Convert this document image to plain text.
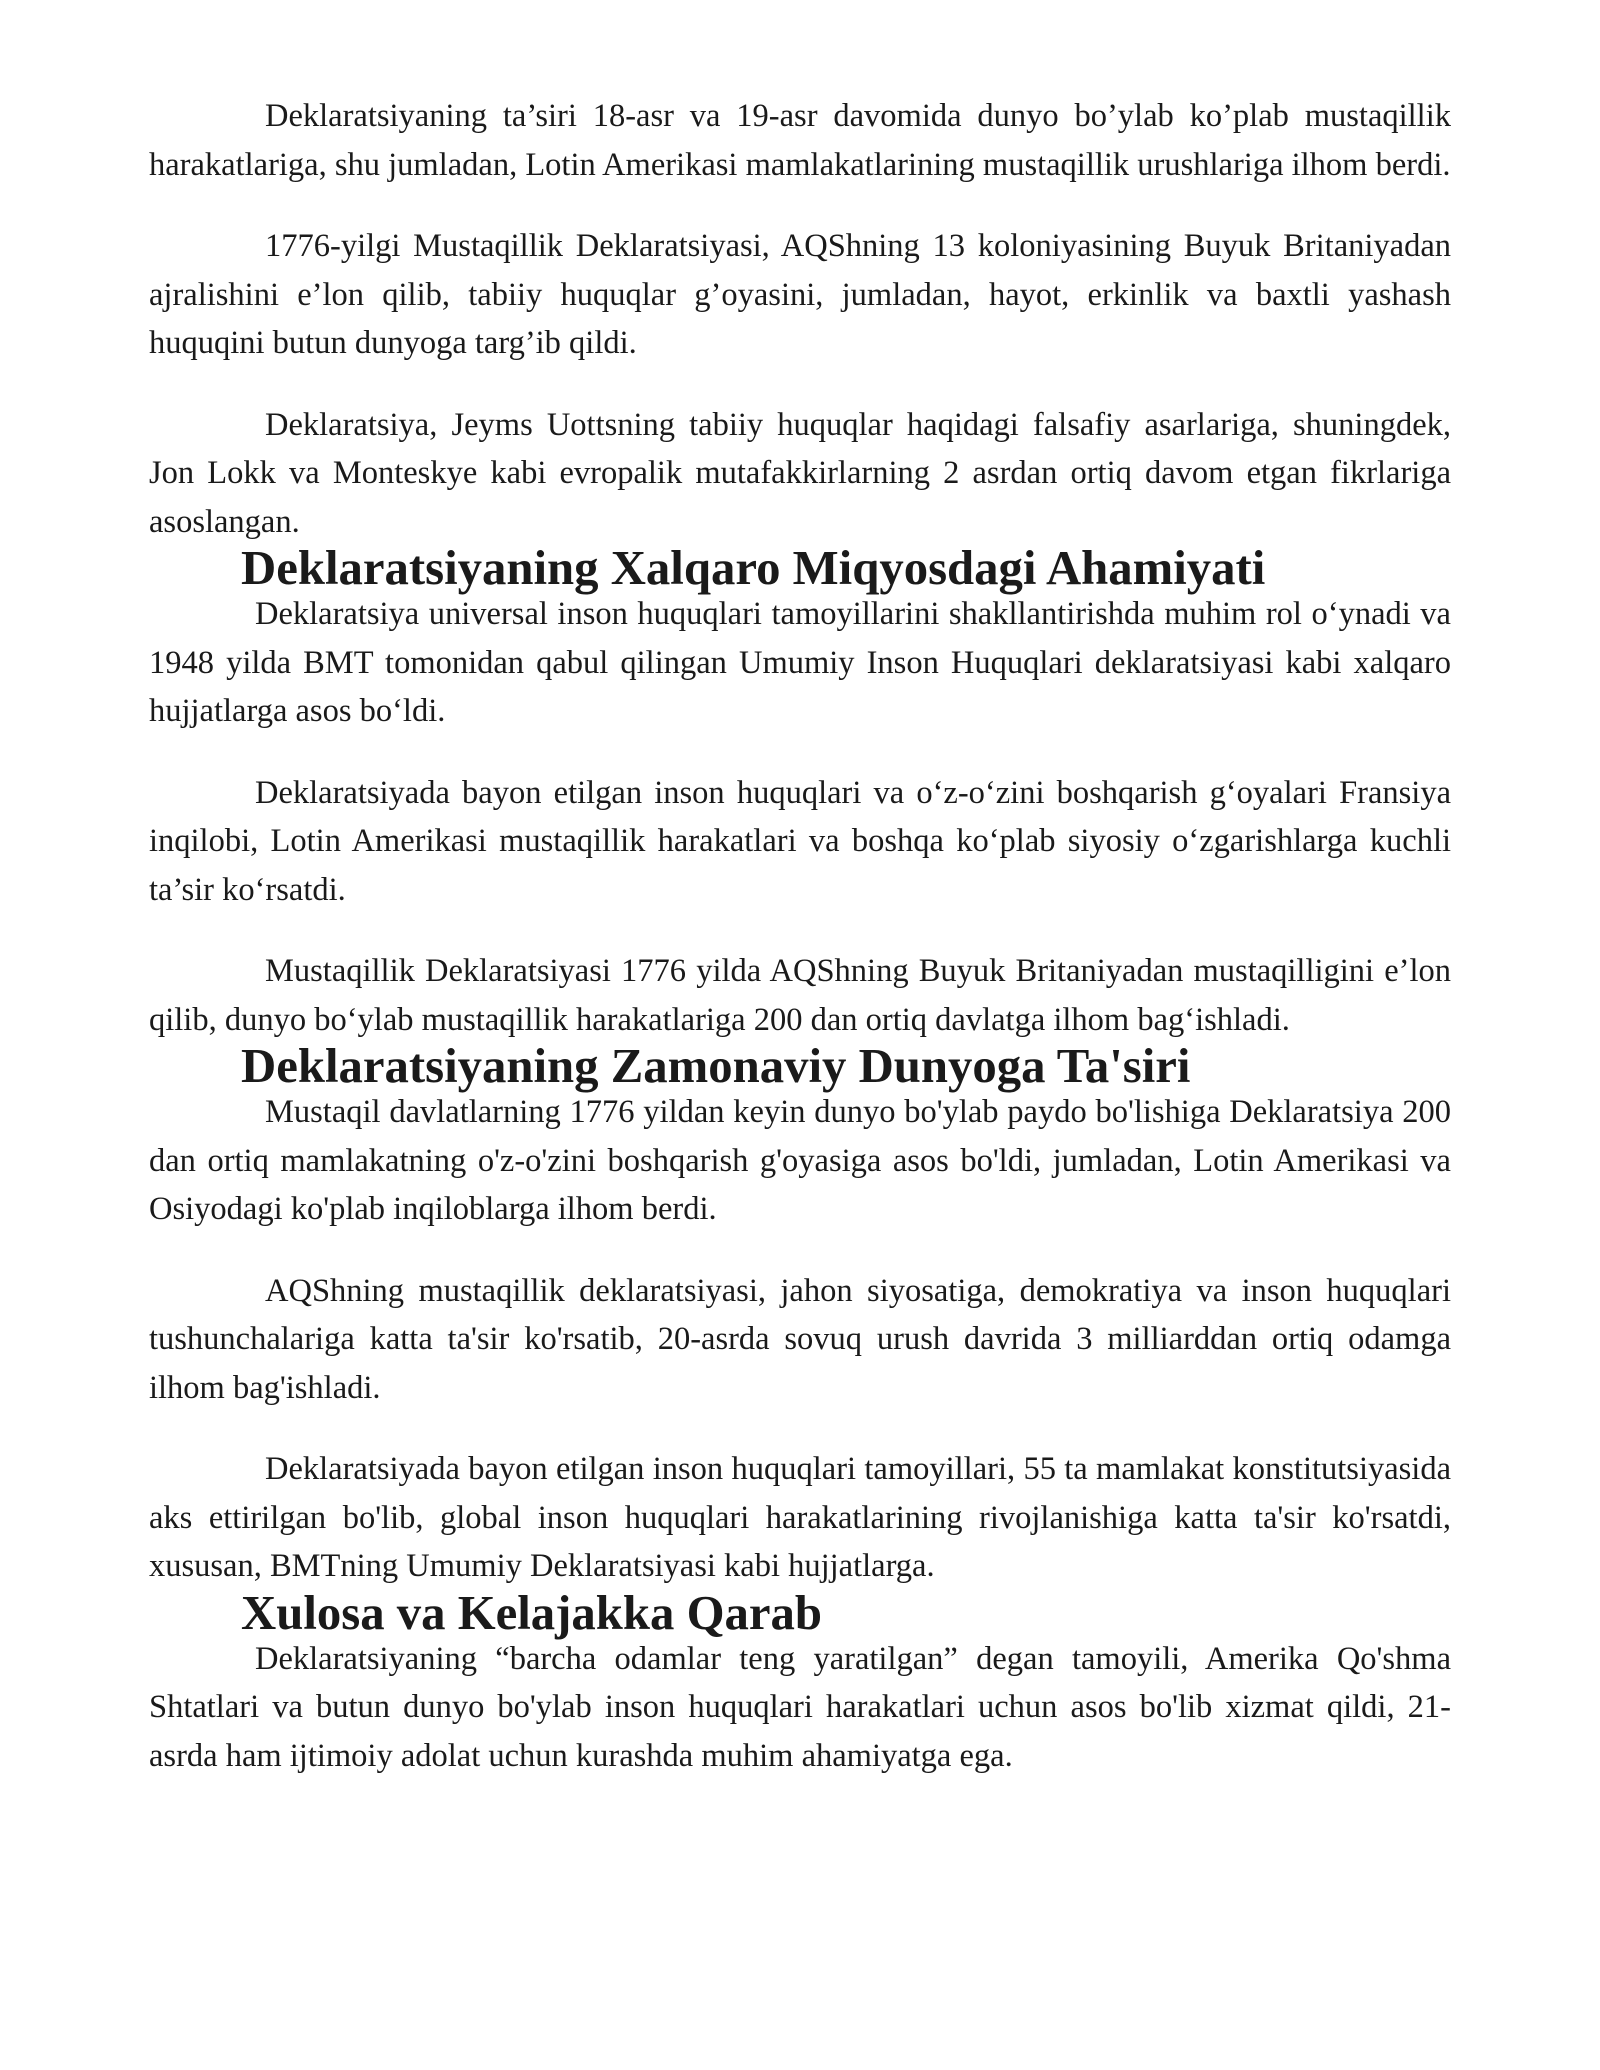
Deklaratsiyaning ta’siri 18-asr va 19-asr davomida dunyo bo’ylab ko’plab mustaqillik harakatlariga, shu jumladan, Lotin Amerikasi mamlakatlarining mustaqillik urushlariga ilhom berdi.

1776-yilgi Mustaqillik Deklaratsiyasi, AQShning 13 koloniyasining Buyuk Britaniyadan ajralishini e’lon qilib, tabiiy huquqlar g’oyasini, jumladan, hayot, erkinlik va baxtli yashash huquqini butun dunyoga targ’ib qildi.

Deklaratsiya, Jeyms Uottsning tabiiy huquqlar haqidagi falsafiy asarlariga, shuningdek, Jon Lokk va Monteskye kabi evropalik mutafakkirlarning 2 asrdan ortiq davom etgan fikrlariga asoslangan.

Deklaratsiyaning Xalqaro Miqyosdagi Ahamiyati

Deklaratsiya universal inson huquqlari tamoyillarini shakllantirishda muhim rol o‘ynadi va 1948 yilda BMT tomonidan qabul qilingan Umumiy Inson Huquqlari deklaratsiyasi kabi xalqaro hujjatlarga asos bo‘ldi.

Deklaratsiyada bayon etilgan inson huquqlari va o‘z-o‘zini boshqarish g‘oyalari Fransiya inqilobi, Lotin Amerikasi mustaqillik harakatlari va boshqa ko‘plab siyosiy o‘zgarishlarga kuchli ta’sir ko‘rsatdi.

Mustaqillik Deklaratsiyasi 1776 yilda AQShning Buyuk Britaniyadan mustaqilligini e’lon qilib, dunyo bo‘ylab mustaqillik harakatlariga 200 dan ortiq davlatga ilhom bag‘ishladi.

Deklaratsiyaning Zamonaviy Dunyoga Ta'siri

Mustaqil davlatlarning 1776 yildan keyin dunyo bo'ylab paydo bo'lishiga Deklaratsiya 200 dan ortiq mamlakatning o'z-o'zini boshqarish g'oyasiga asos bo'ldi, jumladan, Lotin Amerikasi va Osiyodagi ko'plab inqiloblarga ilhom berdi.

AQShning mustaqillik deklaratsiyasi, jahon siyosatiga, demokratiya va inson huquqlari tushunchalariga katta ta'sir ko'rsatib, 20-asrda sovuq urush davrida 3 milliarddan ortiq odamga ilhom bag'ishladi.

Deklaratsiyada bayon etilgan inson huquqlari tamoyillari, 55 ta mamlakat konstitutsiyasida aks ettirilgan bo'lib, global inson huquqlari harakatlarining rivojlanishiga katta ta'sir ko'rsatdi, xususan, BMTning Umumiy Deklaratsiyasi kabi hujjatlarga.

Xulosa va Kelajakka Qarab

Deklaratsiyaning “barcha odamlar teng yaratilgan” degan tamoyili, Amerika Qo'shma Shtatlari va butun dunyo bo'ylab inson huquqlari harakatlari uchun asos bo'lib xizmat qildi, 21-asrda ham ijtimoiy adolat uchun kurashda muhim ahamiyatga ega.
